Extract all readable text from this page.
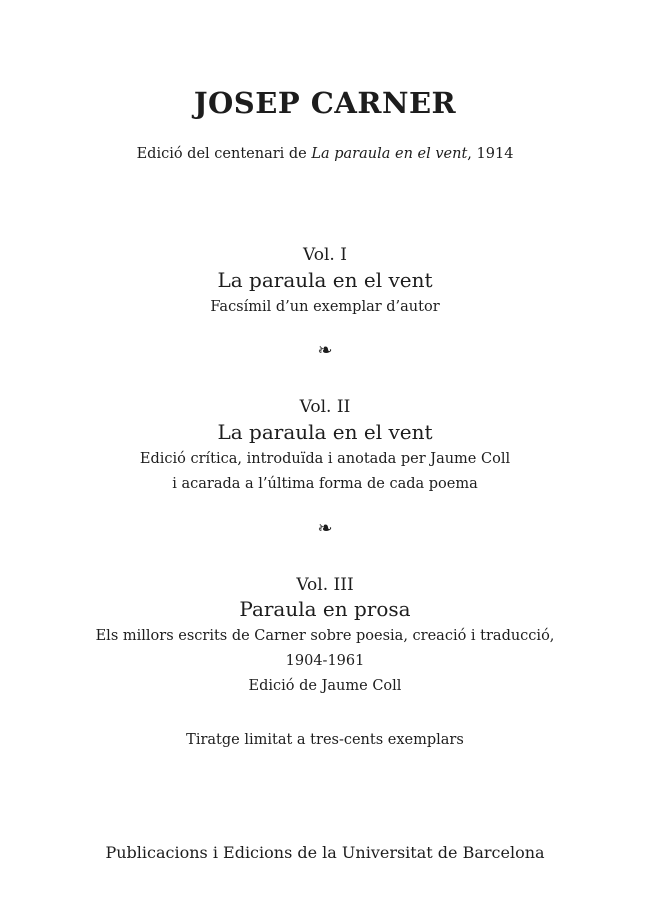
JOSEP CARNER
Edició del centenari de La paraula en el vent, 1914
Vol. I
La paraula en el vent
Facsímil d’un exemplar d’autor
❧
Vol. II
La paraula en el vent
Edició crítica, introduïda i anotada per Jaume Coll
i acarada a l’última forma de cada poema
❧
Vol. III
Paraula en prosa
Els millors escrits de Carner sobre poesia, creació i traducció,
1904-1961
Edició de Jaume Coll
Tiratge limitat a tres-cents exemplars
Publicacions i Edicions de la Universitat de Barcelona
